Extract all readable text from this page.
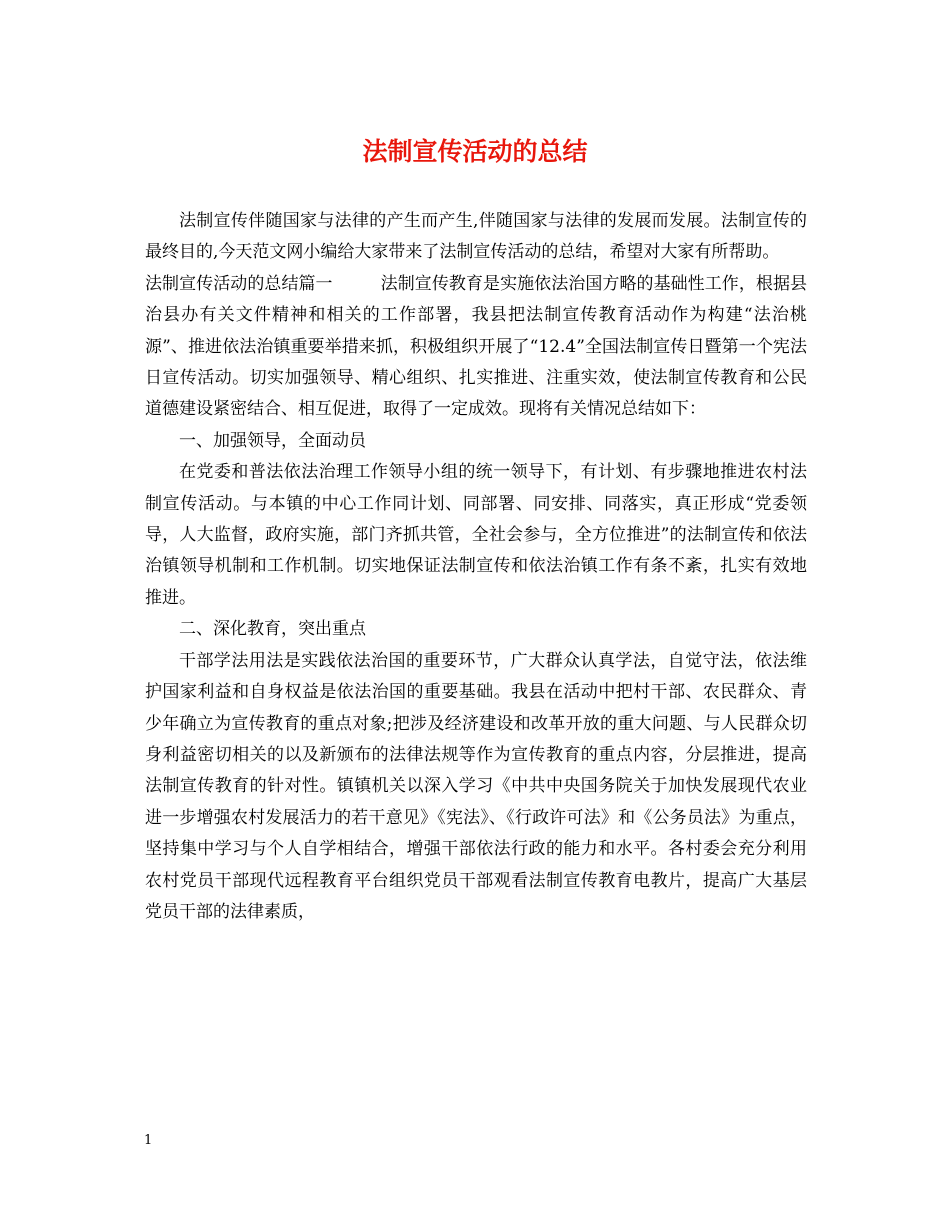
法制宣传活动的总结

法制宣传伴随国家与法律的产生而产生,伴随国家与法律的发展而发展。法制宣传的最终目的,今天范文网小编给大家带来了法制宣传活动的总结，希望对大家有所帮助。

法制宣传活动的总结篇一	法制宣传教育是实施依法治国方略的基础性工作，根据县治县办有关文件精神和相关的工作部署，我县把法制宣传教育活动作为构建“法治桃源”、推进依法治镇重要举措来抓，积极组织开展了“12.4”全国法制宣传日暨第一个宪法日宣传活动。切实加强领导、精心组织、扎实推进、注重实效，使法制宣传教育和公民道德建设紧密结合、相互促进，取得了一定成效。现将有关情况总结如下：

一、加强领导，全面动员

在党委和普法依法治理工作领导小组的统一领导下，有计划、有步骤地推进农村法制宣传活动。与本镇的中心工作同计划、同部署、同安排、同落实，真正形成“党委领导，人大监督，政府实施，部门齐抓共管，全社会参与，全方位推进”的法制宣传和依法治镇领导机制和工作机制。切实地保证法制宣传和依法治镇工作有条不紊，扎实有效地推进。

二、深化教育，突出重点

干部学法用法是实践依法治国的重要环节，广大群众认真学法，自觉守法，依法维护国家利益和自身权益是依法治国的重要基础。我县在活动中把村干部、农民群众、青少年确立为宣传教育的重点对象;把涉及经济建设和改革开放的重大问题、与人民群众切身利益密切相关的以及新颁布的法律法规等作为宣传教育的重点内容，分层推进，提高法制宣传教育的针对性。镇镇机关以深入学习《中共中央国务院关于加快发展现代农业进一步增强农村发展活力的若干意见》《宪法》、《行政许可法》和《公务员法》为重点，坚持集中学习与个人自学相结合，增强干部依法行政的能力和水平。各村委会充分利用农村党员干部现代远程教育平台组织党员干部观看法制宣传教育电教片，提高广大基层党员干部的法律素质，

1
